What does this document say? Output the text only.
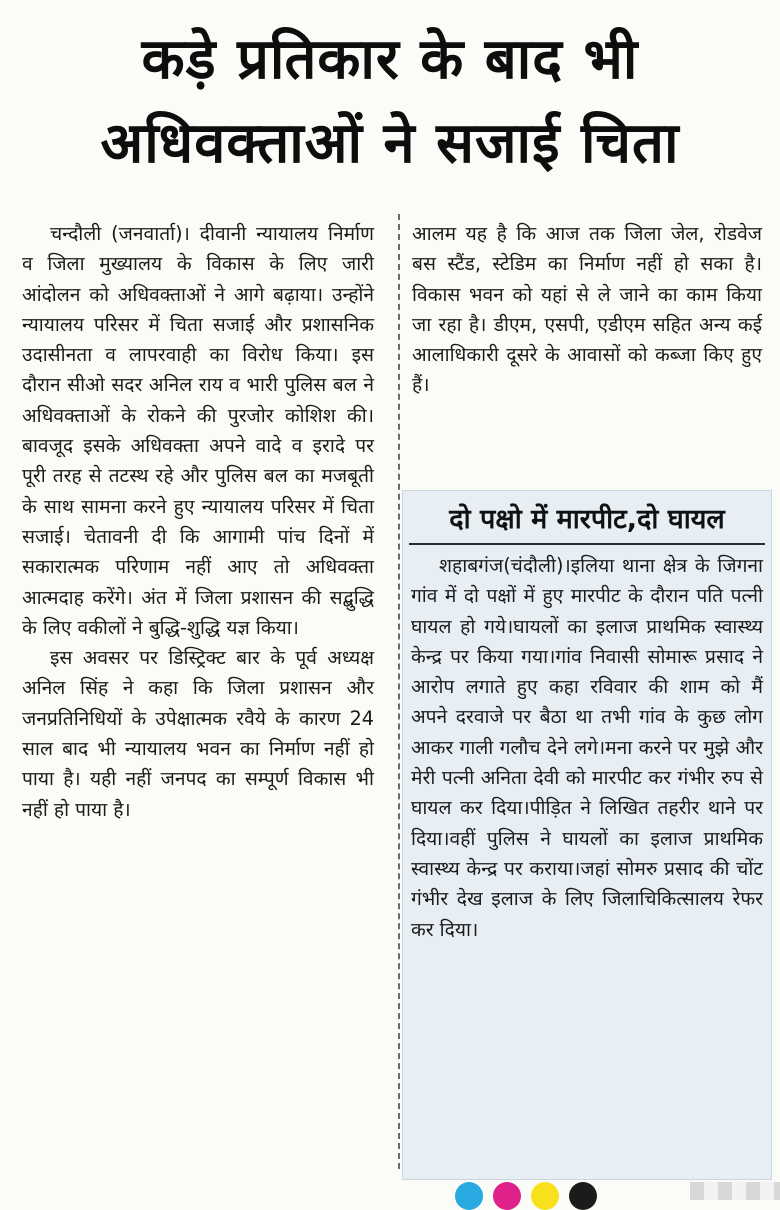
कड़े प्रतिकार के बाद भी
अधिवक्ताओं ने सजाई चिता

चन्दौली (जनवार्ता)। दीवानी न्यायालय निर्माण व जिला मुख्यालय के विकास के लिए जारी आंदोलन को अधिवक्ताओं ने आगे बढ़ाया। उन्होंने न्यायालय परिसर में चिता सजाई और प्रशासनिक उदासीनता व लापरवाही का विरोध किया। इस दौरान सीओ सदर अनिल राय व भारी पुलिस बल ने अधिवक्ताओं के रोकने की पुरजोर कोशिश की। बावजूद इसके अधिवक्ता अपने वादे व इरादे पर पूरी तरह से तटस्थ रहे और पुलिस बल का मजबूती के साथ सामना करने हुए न्यायालय परिसर में चिता सजाई। चेतावनी दी कि आगामी पांच दिनों में सकारात्मक परिणाम नहीं आए तो अधिवक्ता आत्मदाह करेंगे। अंत में जिला प्रशासन की सद्बुद्धि के लिए वकीलों ने बुद्धि-शुद्धि यज्ञ किया।

इस अवसर पर डिस्ट्रिक्ट बार के पूर्व अध्यक्ष अनिल सिंह ने कहा कि जिला प्रशासन और जनप्रतिनिधियों के उपेक्षात्मक रवैये के कारण 24 साल बाद भी न्यायालय भवन का निर्माण नहीं हो पाया है। यही नहीं जनपद का सम्पूर्ण विकास भी नहीं हो पाया है।

आलम यह है कि आज तक जिला जेल, रोडवेज बस स्टैंड, स्टेडिम का निर्माण नहीं हो सका है। विकास भवन को यहां से ले जाने का काम किया जा रहा है। डीएम, एसपी, एडीएम सहित अन्य कई आलाधिकारी दूसरे के आवासों को कब्जा किए हुए हैं।

दो पक्षो में मारपीट,दो घायल

शहाबगंज(चंदौली)।इलिया थाना क्षेत्र के जिगना गांव में दो पक्षों में हुए मारपीट के दौरान पति पत्नी घायल हो गये।घायलों का इलाज प्राथमिक स्वास्थ्य केन्द्र पर किया गया।गांव निवासी सोमारू प्रसाद ने आरोप लगाते हुए कहा रविवार की शाम को मैं अपने दरवाजे पर बैठा था तभी गांव के कुछ लोग आकर गाली गलौच देने लगे।मना करने पर मुझे और मेरी पत्नी अनिता देवी को मारपीट कर गंभीर रुप से घायल कर दिया।पीड़ित ने लिखित तहरीर थाने पर दिया।वहीं पुलिस ने घायलों का इलाज प्राथमिक स्वास्थ्य केन्द्र पर कराया।जहां सोमरु प्रसाद की चोंट गंभीर देख इलाज के लिए जिलाचिकित्सालय रेफर कर दिया।
